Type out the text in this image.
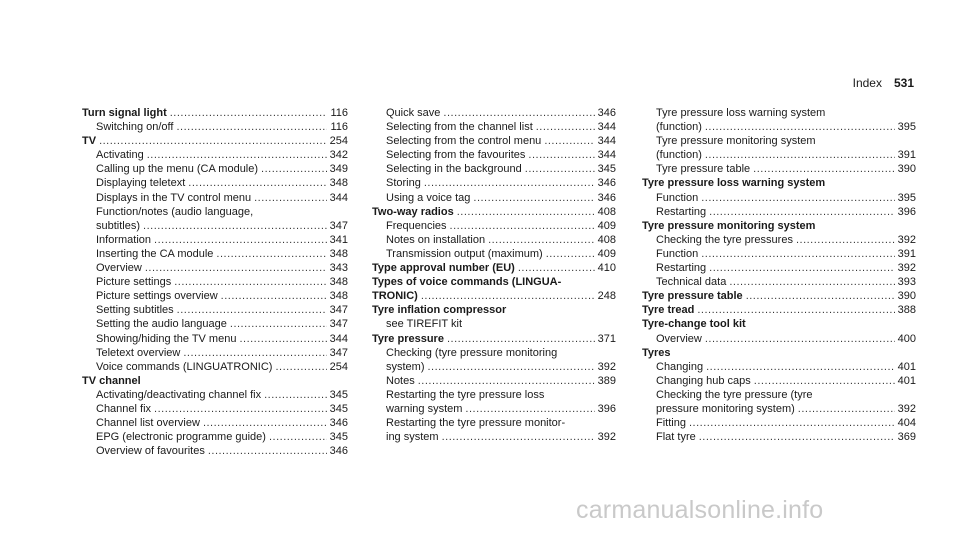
Index 531
Turn signal light .....	116
Switching on/off .....	116
TV .....	254
Activating .....	342
Calling up the menu (CA module) .....	349
Displaying teletext .....	348
Displays in the TV control menu .....	344
Function/notes (audio language,
subtitles) .....	347
Information .....	341
Inserting the CA module .....	348
Overview .....	343
Picture settings .....	348
Picture settings overview .....	348
Setting subtitles .....	347
Setting the audio language .....	347
Showing/hiding the TV menu .....	344
Teletext overview .....	347
Voice commands (LINGUATRONIC) .....	254
TV channel
Activating/deactivating channel fix .....	345
Channel fix .....	345
Channel list overview .....	346
EPG (electronic programme guide) .....	345
Overview of favourites .....	346
Quick save .....	346
Selecting from the channel list .....	344
Selecting from the control menu .....	344
Selecting from the favourites .....	344
Selecting in the background .....	345
Storing .....	346
Using a voice tag .....	346
Two-way radios .....	408
Frequencies .....	409
Notes on installation .....	408
Transmission output (maximum) .....	409
Type approval number (EU) .....	410
Types of voice commands (LINGUA-
TRONIC) .....	248
Tyre inflation compressor
see TIREFIT kit
Tyre pressure .....	371
Checking (tyre pressure monitoring
system) .....	392
Notes .....	389
Restarting the tyre pressure loss
warning system .....	396
Restarting the tyre pressure monitor-
ing system .....	392
Tyre pressure loss warning system
(function) .....	395
Tyre pressure monitoring system
(function) .....	391
Tyre pressure table .....	390
Tyre pressure loss warning system
Function .....	395
Restarting .....	396
Tyre pressure monitoring system
Checking the tyre pressures .....	392
Function .....	391
Restarting .....	392
Technical data .....	393
Tyre pressure table .....	390
Tyre tread .....	388
Tyre-change tool kit
Overview .....	400
Tyres
Changing .....	401
Changing hub caps .....	401
Checking the tyre pressure (tyre
pressure monitoring system) .....	392
Fitting .....	404
Flat tyre .....	369
carmanualsonline.info
